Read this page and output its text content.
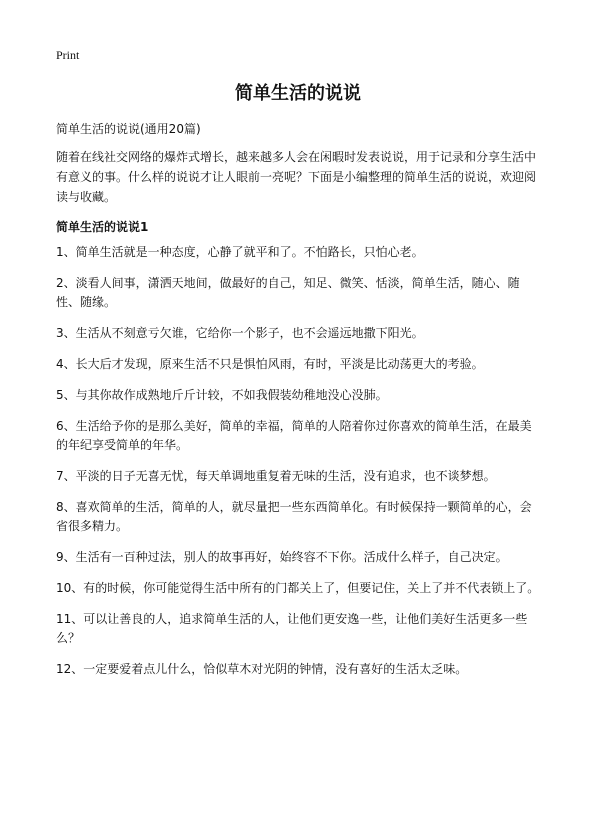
Print
简单生活的说说

简单生活的说说(通用20篇)

随着在线社交网络的爆炸式增长，越来越多人会在闲暇时发表说说，用于记录和分享生活中有意义的事。什么样的说说才让人眼前一亮呢？下面是小编整理的简单生活的说说，欢迎阅读与收藏。

简单生活的说说1
1、简单生活就是一种态度，心静了就平和了。不怕路长，只怕心老。
2、淡看人间事，潇洒天地间，做最好的自己，知足、微笑、恬淡，简单生活，随心、随性、随缘。
3、生活从不刻意亏欠谁，它给你一个影子，也不会遥远地撒下阳光。
4、长大后才发现，原来生活不只是惧怕风雨，有时，平淡是比动荡更大的考验。
5、与其你故作成熟地斤斤计较，不如我假装幼稚地没心没肺。
6、生活给予你的是那么美好，简单的幸福，简单的人陪着你过你喜欢的简单生活，在最美的年纪享受简单的年华。
7、平淡的日子无喜无忧，每天单调地重复着无味的生活，没有追求，也不谈梦想。
8、喜欢简单的生活，简单的人，就尽量把一些东西简单化。有时候保持一颗简单的心，会省很多精力。
9、生活有一百种过法，别人的故事再好，始终容不下你。活成什么样子，自己决定。
10、有的时候，你可能觉得生活中所有的门都关上了，但要记住，关上了并不代表锁上了。
11、可以让善良的人，追求简单生活的人，让他们更安逸一些，让他们美好生活更多一些么？
12、一定要爱着点儿什么，恰似草木对光阴的钟情，没有喜好的生活太乏味。
